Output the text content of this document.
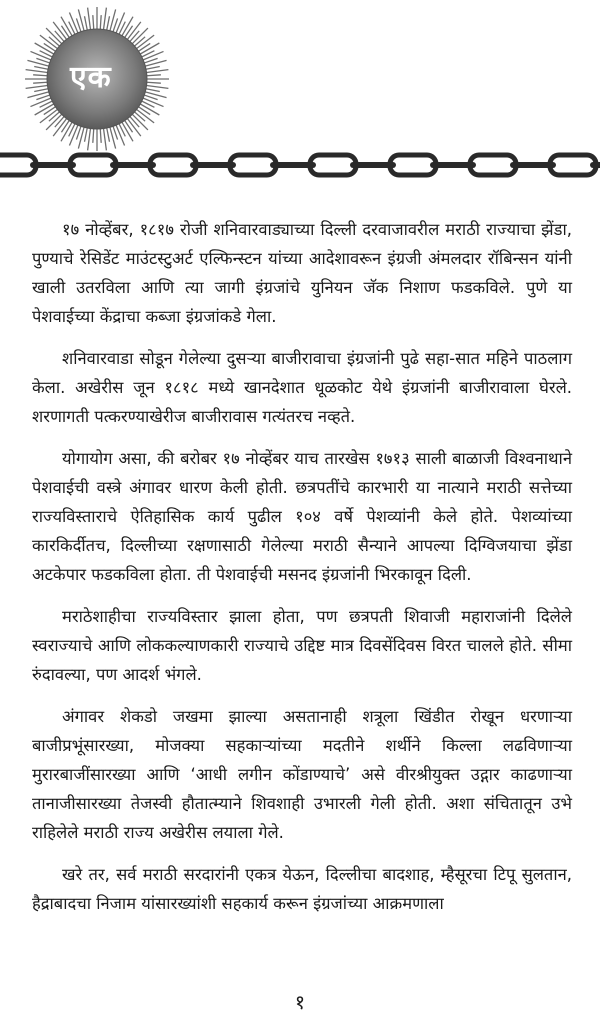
एक

१७ नोव्हेंबर, १८१७ रोजी शनिवारवाड्याच्या दिल्ली दरवाजावरील मराठी राज्याचा झेंडा, पुण्याचे रेसिडेंट माउंटस्टुअर्ट एल्फिन्स्टन यांच्या आदेशावरून इंग्रजी अंमलदार रॉबिन्सन यांनी खाली उतरविला आणि त्या जागी इंग्रजांचे युनियन जॅक निशाण फडकविले. पुणे या पेशवाईच्या केंद्राचा कब्जा इंग्रजांकडे गेला.

शनिवारवाडा सोडून गेलेल्या दुसऱ्या बाजीरावाचा इंग्रजांनी पुढे सहा-सात महिने पाठलाग केला. अखेरीस जून १८१८ मध्ये खानदेशात धूळकोट येथे इंग्रजांनी बाजीरावाला घेरले. शरणागती पत्करण्याखेरीज बाजीरावास गत्यंतरच नव्हते.

योगायोग असा, की बरोबर १७ नोव्हेंबर याच तारखेस १७१३ साली बाळाजी विश्वनाथाने पेशवाईची वस्त्रे अंगावर धारण केली होती. छत्रपतींचे कारभारी या नात्याने मराठी सत्तेच्या राज्यविस्ताराचे ऐतिहासिक कार्य पुढील १०४ वर्षे पेशव्यांनी केले होते. पेशव्यांच्या कारकिर्दीतच, दिल्लीच्या रक्षणासाठी गेलेल्या मराठी सैन्याने आपल्या दिग्विजयाचा झेंडा अटकेपार फडकविला होता. ती पेशवाईची मसनद इंग्रजांनी भिरकावून दिली.

मराठेशाहीचा राज्यविस्तार झाला होता, पण छत्रपती शिवाजी महाराजांनी दिलेले स्वराज्याचे आणि लोककल्याणकारी राज्याचे उद्दिष्ट मात्र दिवसेंदिवस विरत चालले होते. सीमा रुंदावल्या, पण आदर्श भंगले.

अंगावर शेकडो जखमा झाल्या असतानाही शत्रूला खिंडीत रोखून धरणाऱ्या बाजीप्रभूंसारख्या, मोजक्या सहकाऱ्यांच्या मदतीने शर्थीने किल्ला लढविणाऱ्या मुरारबाजींसारख्या आणि ‘आधी लगीन कोंडाण्याचे’ असे वीरश्रीयुक्त उद्गार काढणाऱ्या तानाजीसारख्या तेजस्वी हौतात्म्याने शिवशाही उभारली गेली होती. अशा संचितातून उभे राहिलेले मराठी राज्य अखेरीस लयाला गेले.

खरे तर, सर्व मराठी सरदारांनी एकत्र येऊन, दिल्लीचा बादशाह, म्हैसूरचा टिपू सुलतान, हैद्राबादचा निजाम यांसारख्यांशी सहकार्य करून इंग्रजांच्या आक्रमणाला

१
